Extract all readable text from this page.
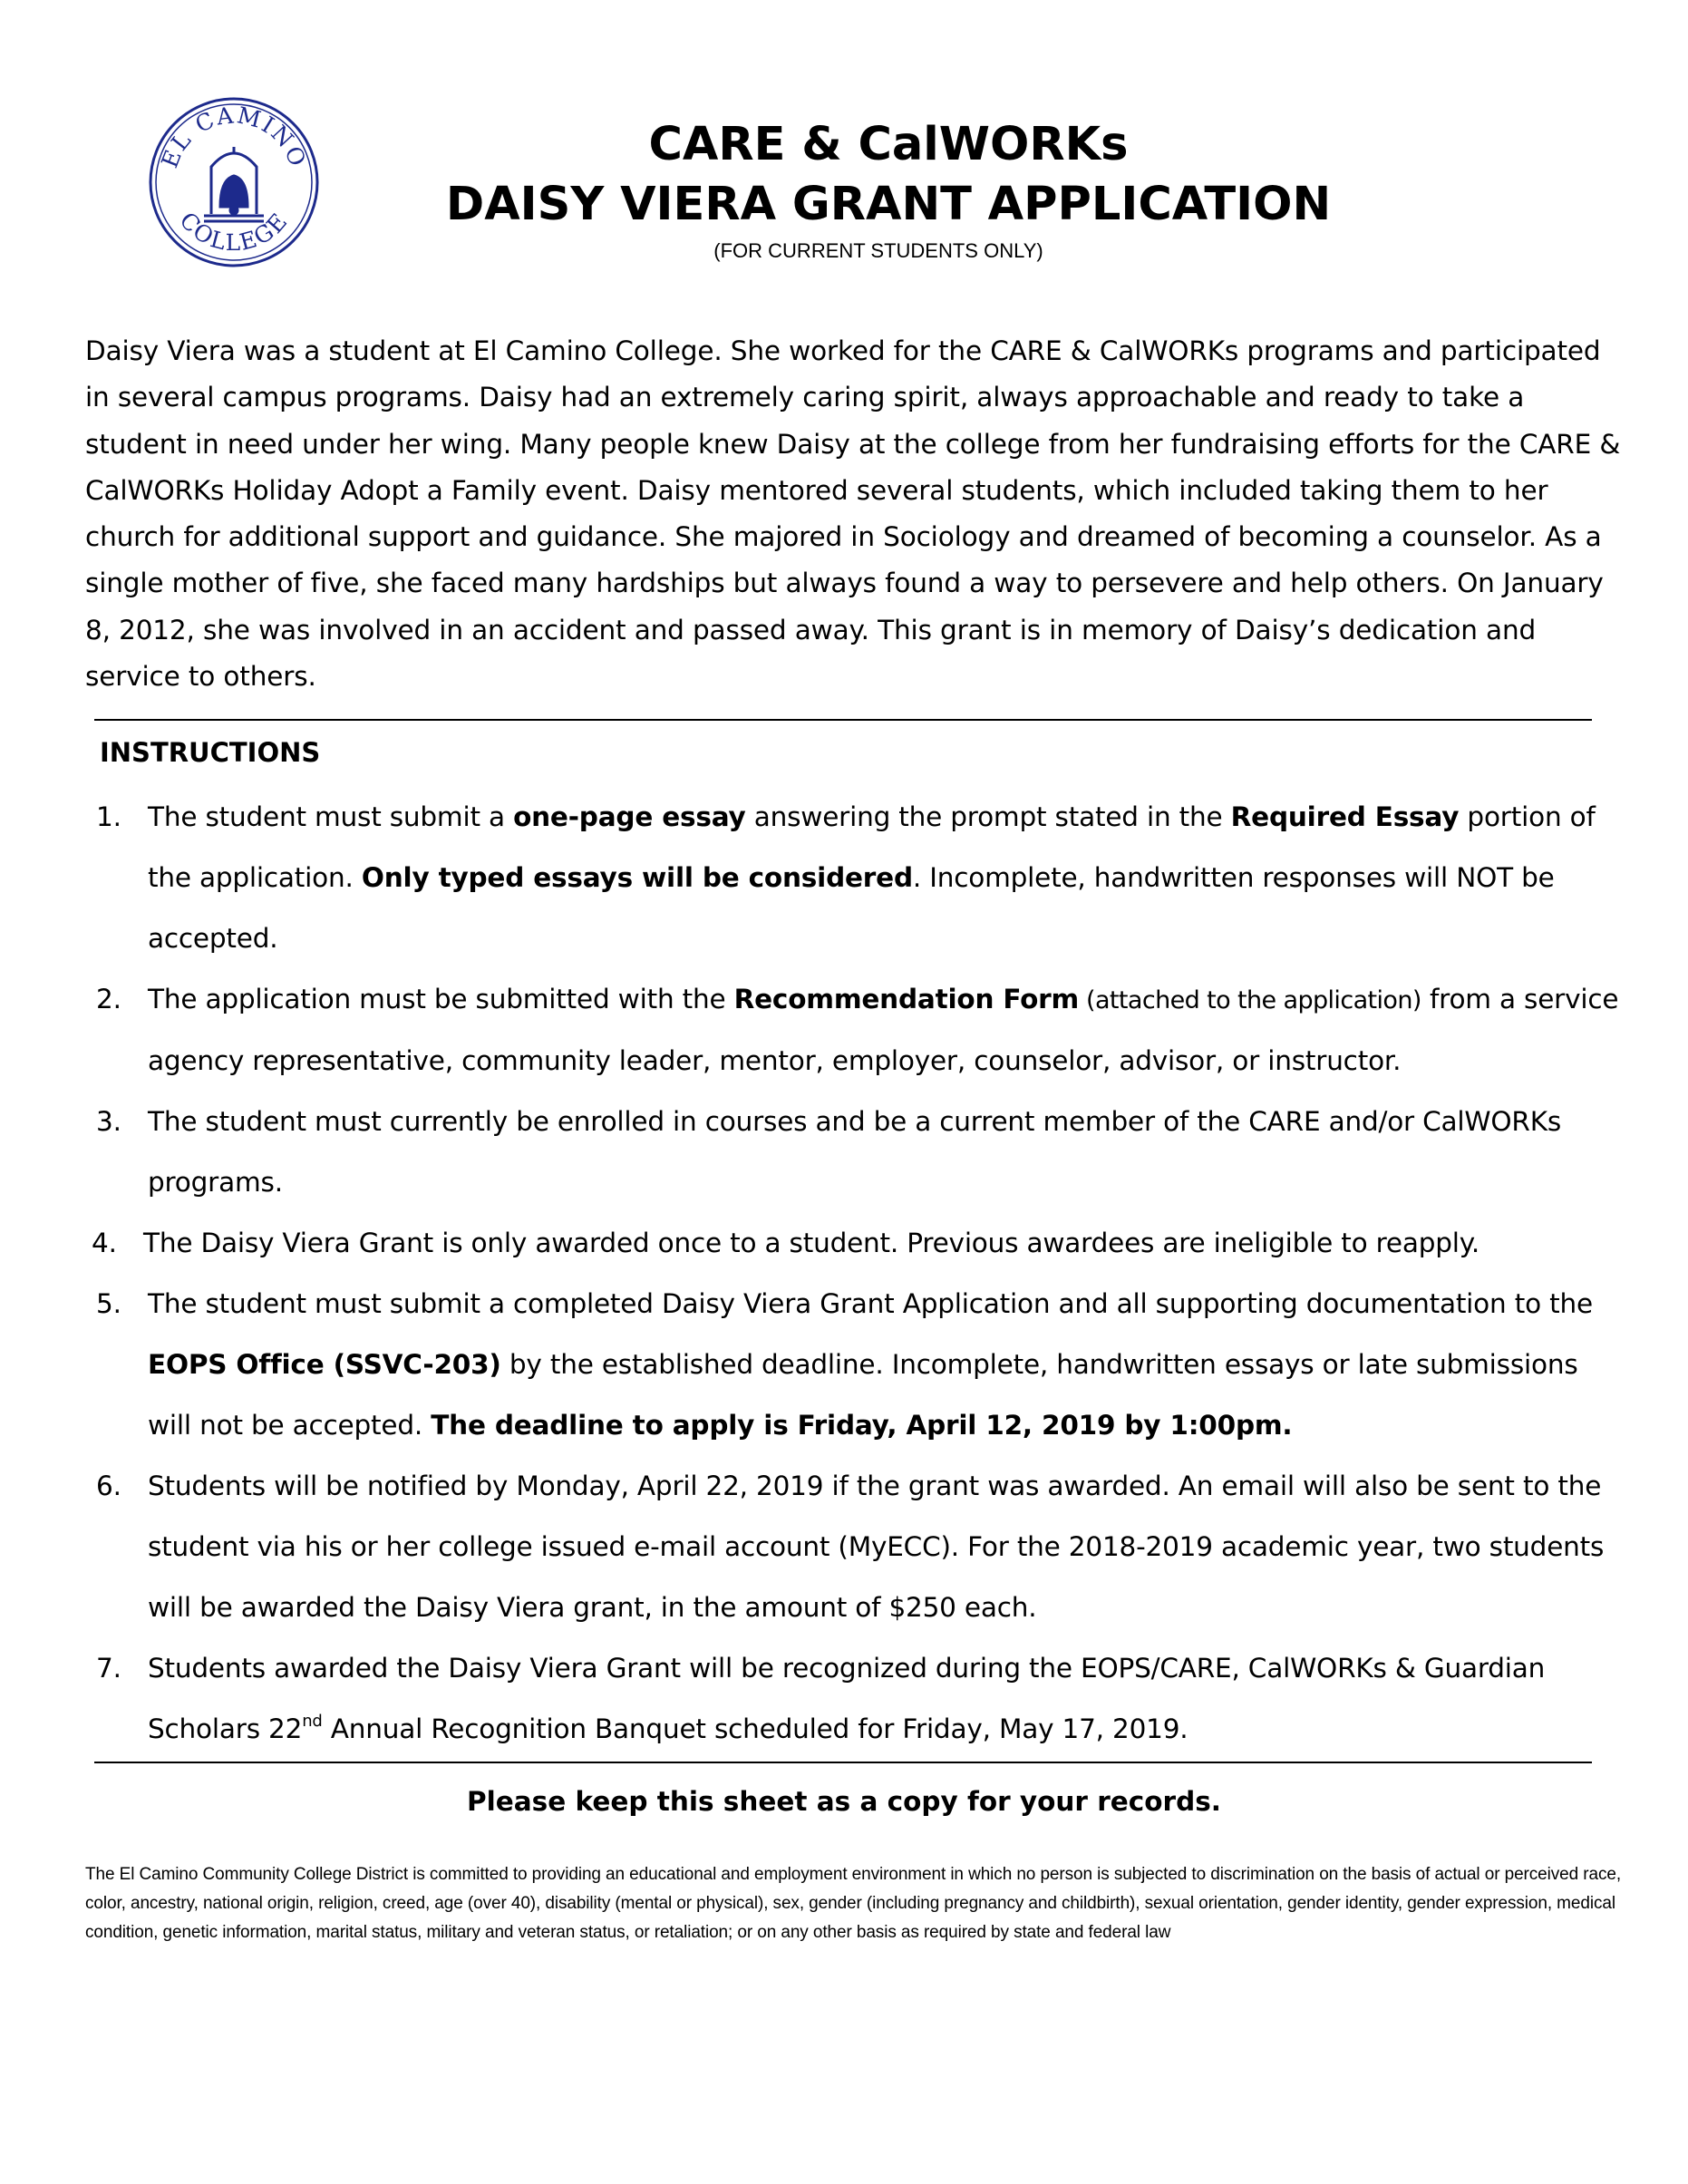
EL CAMINO
COLLEGE
CARE & CalWORKs
DAISY VIERA GRANT APPLICATION
(FOR CURRENT STUDENTS ONLY)

Daisy Viera was a student at El Camino College. She worked for the CARE & CalWORKs programs and participated in several campus programs. Daisy had an extremely caring spirit, always approachable and ready to take a student in need under her wing. Many people knew Daisy at the college from her fundraising efforts for the CARE & CalWORKs Holiday Adopt a Family event. Daisy mentored several students, which included taking them to her church for additional support and guidance. She majored in Sociology and dreamed of becoming a counselor. As a single mother of five, she faced many hardships but always found a way to persevere and help others. On January 8, 2012, she was involved in an accident and passed away. This grant is in memory of Daisy’s dedication and service to others.

INSTRUCTIONS
1. The student must submit a one-page essay answering the prompt stated in the Required Essay portion of the application. Only typed essays will be considered. Incomplete, handwritten responses will NOT be accepted.
2. The application must be submitted with the Recommendation Form (attached to the application) from a service agency representative, community leader, mentor, employer, counselor, advisor, or instructor.
3. The student must currently be enrolled in courses and be a current member of the CARE and/or CalWORKs programs.
4. The Daisy Viera Grant is only awarded once to a student. Previous awardees are ineligible to reapply.
5. The student must submit a completed Daisy Viera Grant Application and all supporting documentation to the EOPS Office (SSVC-203) by the established deadline. Incomplete, handwritten essays or late submissions will not be accepted. The deadline to apply is Friday, April 12, 2019 by 1:00pm.
6. Students will be notified by Monday, April 22, 2019 if the grant was awarded. An email will also be sent to the student via his or her college issued e-mail account (MyECC). For the 2018-2019 academic year, two students will be awarded the Daisy Viera grant, in the amount of $250 each.
7. Students awarded the Daisy Viera Grant will be recognized during the EOPS/CARE, CalWORKs & Guardian Scholars 22nd Annual Recognition Banquet scheduled for Friday, May 17, 2019.
Please keep this sheet as a copy for your records.

The El Camino Community College District is committed to providing an educational and employment environment in which no person is subjected to discrimination on the basis of actual or perceived race, color, ancestry, national origin, religion, creed, age (over 40), disability (mental or physical), sex, gender (including pregnancy and childbirth), sexual orientation, gender identity, gender expression, medical condition, genetic information, marital status, military and veteran status, or retaliation; or on any other basis as required by state and federal law
